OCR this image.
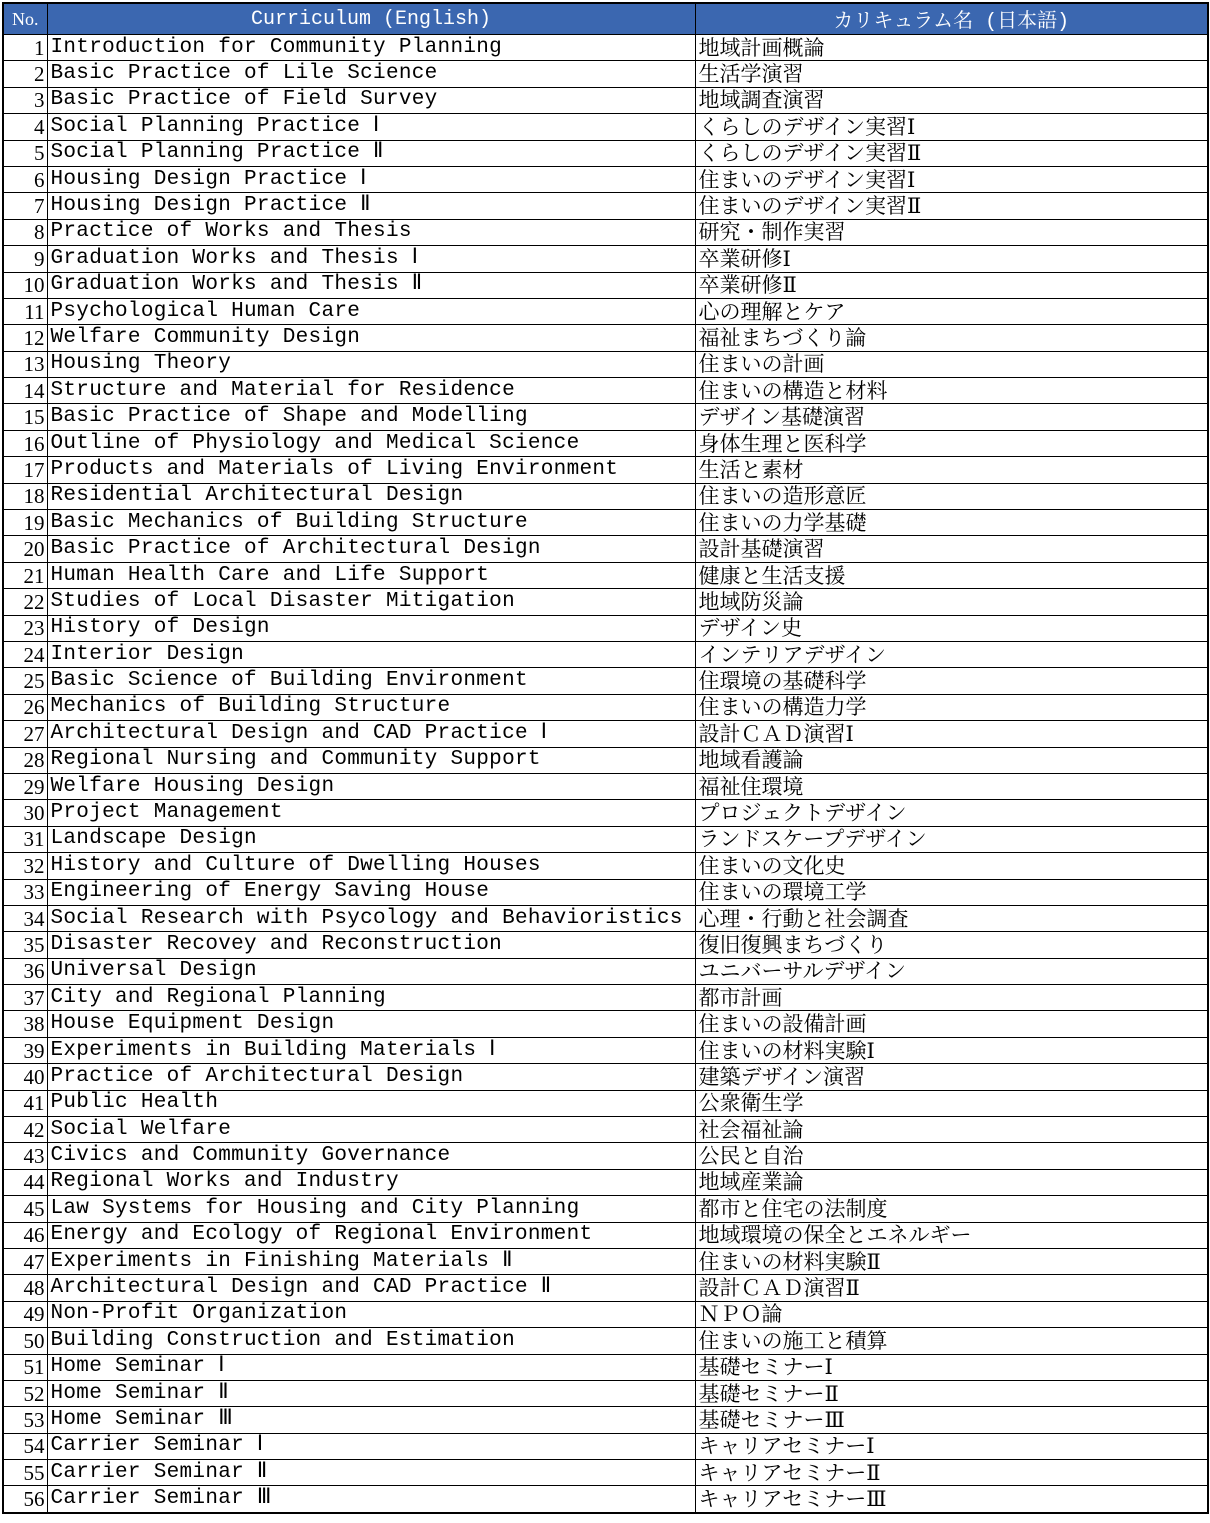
No.	Curriculum (English)	カリキュラム名 (日本語)
1	Introduction for Community Planning	地域計画概論
2	Basic Practice of Lile Science	生活学演習
3	Basic Practice of Field Survey	地域調査演習
4	Social Planning Practice Ⅰ	くらしのデザイン実習Ⅰ
5	Social Planning Practice Ⅱ	くらしのデザイン実習Ⅱ
6	Housing Design Practice Ⅰ	住まいのデザイン実習Ⅰ
7	Housing Design Practice Ⅱ	住まいのデザイン実習Ⅱ
8	Practice of Works and Thesis	研究・制作実習
9	Graduation Works and Thesis Ⅰ	卒業研修Ⅰ
10	Graduation Works and Thesis Ⅱ	卒業研修Ⅱ
11	Psychological Human Care	心の理解とケア
12	Welfare Community Design	福祉まちづくり論
13	Housing Theory	住まいの計画
14	Structure and Material for Residence	住まいの構造と材料
15	Basic Practice of Shape and Modelling	デザイン基礎演習
16	Outline of Physiology and Medical Science	身体生理と医科学
17	Products and Materials of Living Environment	生活と素材
18	Residential Architectural Design	住まいの造形意匠
19	Basic Mechanics of Building Structure	住まいの力学基礎
20	Basic Practice of Architectural Design	設計基礎演習
21	Human Health Care and Life Support	健康と生活支援
22	Studies of Local Disaster Mitigation	地域防災論
23	History of Design	デザイン史
24	Interior Design	インテリアデザイン
25	Basic Science of Building Environment	住環境の基礎科学
26	Mechanics of Building Structure	住まいの構造力学
27	Architectural Design and CAD Practice Ⅰ	設計ＣＡＤ演習Ⅰ
28	Regional Nursing and Community Support	地域看護論
29	Welfare Housing Design	福祉住環境
30	Project Management	プロジェクトデザイン
31	Landscape Design	ランドスケープデザイン
32	History and Culture of Dwelling Houses	住まいの文化史
33	Engineering of Energy Saving House	住まいの環境工学
34	Social Research with Psycology and Behavioristics	心理・行動と社会調査
35	Disaster Recovey and Reconstruction	復旧復興まちづくり
36	Universal Design	ユニバーサルデザイン
37	City and Regional Planning	都市計画
38	House Equipment Design	住まいの設備計画
39	Experiments in Building Materials Ⅰ	住まいの材料実験Ⅰ
40	Practice of Architectural Design	建築デザイン演習
41	Public Health	公衆衛生学
42	Social Welfare	社会福祉論
43	Civics and Community Governance	公民と自治
44	Regional Works and Industry	地域産業論
45	Law Systems for Housing and City Planning	都市と住宅の法制度
46	Energy and Ecology of Regional Environment	地域環境の保全とエネルギー
47	Experiments in Finishing Materials Ⅱ	住まいの材料実験Ⅱ
48	Architectural Design and CAD Practice Ⅱ	設計ＣＡＤ演習Ⅱ
49	Non-Profit Organization	ＮＰＯ論
50	Building Construction and Estimation	住まいの施工と積算
51	Home Seminar Ⅰ	基礎セミナーⅠ
52	Home Seminar Ⅱ	基礎セミナーⅡ
53	Home Seminar Ⅲ	基礎セミナーⅢ
54	Carrier Seminar Ⅰ	キャリアセミナーⅠ
55	Carrier Seminar Ⅱ	キャリアセミナーⅡ
56	Carrier Seminar Ⅲ	キャリアセミナーⅢ
